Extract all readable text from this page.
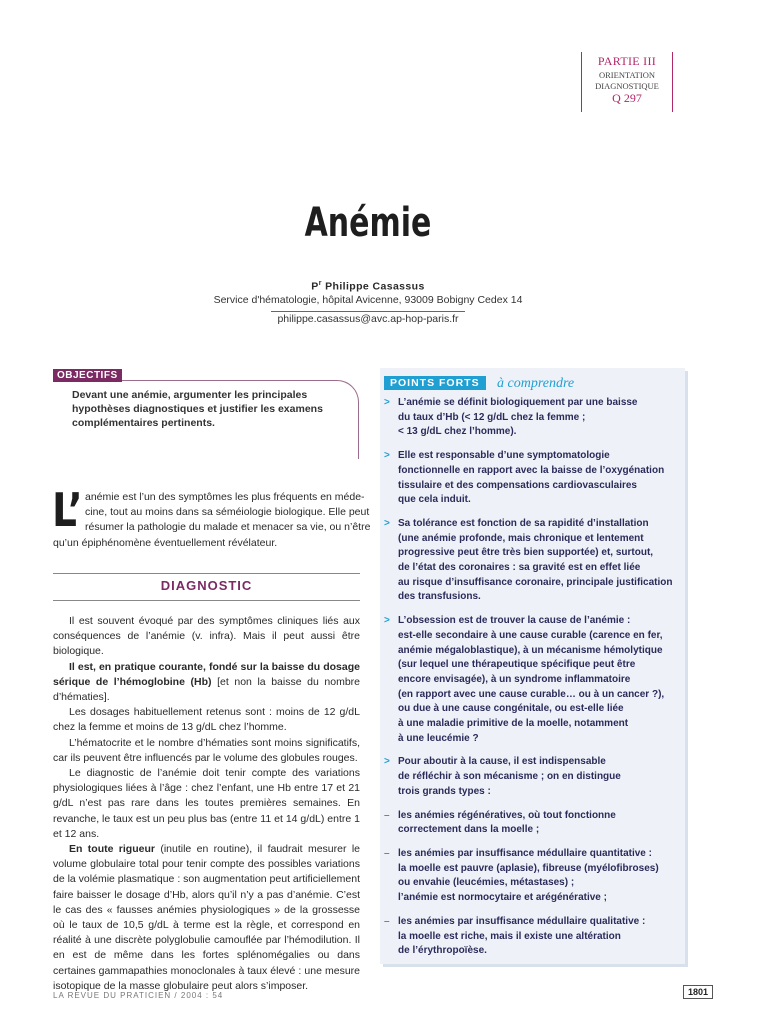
PARTIE III
ORIENTATION
DIAGNOSTIQUE
Q 297
Anémie
$P^r$ Philippe Casassus
Service d'hématologie, hôpital Avicenne, 93009 Bobigny Cedex 14
philippe.casassus@avc.ap-hop-paris.fr
OBJECTIFS
Devant une anémie, argumenter les principales
hypothèses diagnostiques et justifier les examens
complémentaires pertinents.
L’ anémie est l’un des symptômes les plus fréquents en méde-
cine, tout au moins dans sa séméiologie biologique. Elle peut
résumer la pathologie du malade et menacer sa vie, ou n’être
qu’un épiphénomène éventuellement révélateur.
DIAGNOSTIC

Il est souvent évoqué par des symptômes cliniques liés aux conséquences de l’anémie (v. infra). Mais il peut aussi être biologique.

Il est, en pratique courante, fondé sur la baisse du dosage sérique de l’hémoglobine (Hb) [et non la baisse du nombre d’hématies].

Les dosages habituellement retenus sont : moins de 12 g/dL chez la femme et moins de 13 g/dL chez l’homme.

L’hématocrite et le nombre d’hématies sont moins significatifs, car ils peuvent être influencés par le volume des globules rouges.

Le diagnostic de l’anémie doit tenir compte des variations physiologiques liées à l’âge : chez l’enfant, une Hb entre 17 et 21 g/dL n’est pas rare dans les toutes premières semaines. En revanche, le taux est un peu plus bas (entre 11 et 14 g/dL) entre 1 et 12 ans.

En toute rigueur (inutile en routine), il faudrait mesurer le volume globulaire total pour tenir compte des possibles variations de la volémie plasmatique : son augmentation peut artificiellement faire baisser le dosage d’Hb, alors qu’il n’y a pas d’anémie. C’est le cas des « fausses anémies physiologiques » de la grossesse où le taux de 10,5 g/dL à terme est la règle, et correspond en réalité à une discrète polyglobulie camouflée par l’hémodilution. Il en est de même dans les fortes splénomégalies ou dans certaines gammapathies monoclonales à taux élevé : une mesure isotopique de la masse globulaire peut alors s’imposer.

POINTS FORTS	à comprendre
> L’anémie se définit biologiquement par une baisse
du taux d’Hb (< 12 g/dL chez la femme ;
< 13 g/dL chez l’homme).
> Elle est responsable d’une symptomatologie
fonctionnelle en rapport avec la baisse de l’oxygénation
tissulaire et des compensations cardiovasculaires
que cela induit.
> Sa tolérance est fonction de sa rapidité d’installation
(une anémie profonde, mais chronique et lentement
progressive peut être très bien supportée) et, surtout,
de l’état des coronaires : sa gravité est en effet liée
au risque d’insuffisance coronaire, principale justification
des transfusions.
> L’obsession est de trouver la cause de l’anémie :
est-elle secondaire à une cause curable (carence en fer,
anémie mégaloblastique), à un mécanisme hémolytique
(sur lequel une thérapeutique spécifique peut être
encore envisagée), à un syndrome inflammatoire
(en rapport avec une cause curable… ou à un cancer ?),
ou due à une cause congénitale, ou est-elle liée
à une maladie primitive de la moelle, notamment
à une leucémie ?
> Pour aboutir à la cause, il est indispensable
de réfléchir à son mécanisme ; on en distingue
trois grands types :
– les anémies régénératives, où tout fonctionne
correctement dans la moelle ;
– les anémies par insuffisance médullaire quantitative :
la moelle est pauvre (aplasie), fibreuse (myélofibroses)
ou envahie (leucémies, métastases) ;
l’anémie est normocytaire et arégénérative ;
– les anémies par insuffisance médullaire qualitative :
la moelle est riche, mais il existe une altération
de l’érythropoïèse.
LA REVUE DU PRATICIEN / 2004 : 54	1801
